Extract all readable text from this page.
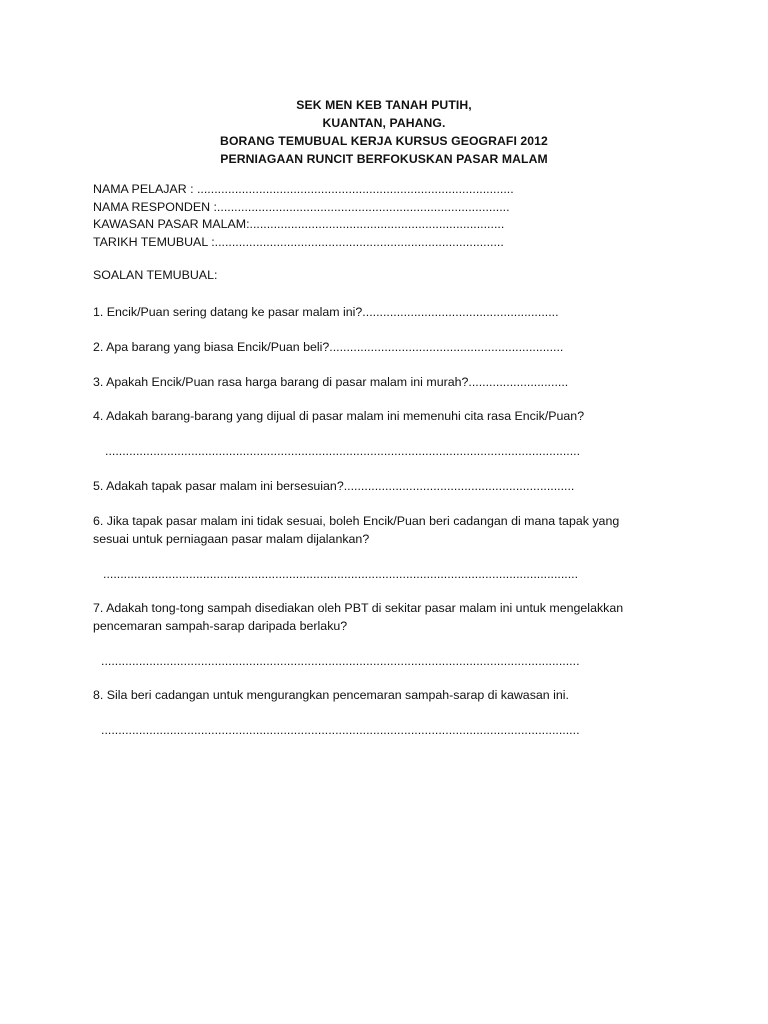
SEK MEN KEB TANAH PUTIH,
KUANTAN, PAHANG.
BORANG TEMUBUAL KERJA KURSUS GEOGRAFI 2012
PERNIAGAAN RUNCIT BERFOKUSKAN PASAR MALAM
NAMA PELAJAR : ............................................................................................
NAMA RESPONDEN :.....................................................................................
KAWASAN PASAR MALAM:..........................................................................
TARIKH TEMUBUAL :....................................................................................
SOALAN TEMUBUAL:
1. Encik/Puan sering datang ke pasar malam ini?.........................................................
2. Apa barang yang biasa Encik/Puan beli?....................................................................
3. Apakah Encik/Puan rasa harga barang di pasar malam ini murah?.............................
4. Adakah barang-barang yang dijual di pasar malam ini memenuhi cita rasa Encik/Puan?
..........................................................................................................................................
5. Adakah tapak pasar malam ini bersesuian?...................................................................
6. Jika tapak pasar malam ini tidak sesuai, boleh Encik/Puan beri cadangan di mana tapak yang
sesuai untuk perniagaan pasar malam dijalankan?
..........................................................................................................................................
7. Adakah tong-tong sampah disediakan oleh PBT di sekitar pasar malam ini untuk mengelakkan
pencemaran sampah-sarap daripada berlaku?
...........................................................................................................................................
8. Sila beri cadangan untuk mengurangkan pencemaran sampah-sarap di kawasan ini.
...........................................................................................................................................
